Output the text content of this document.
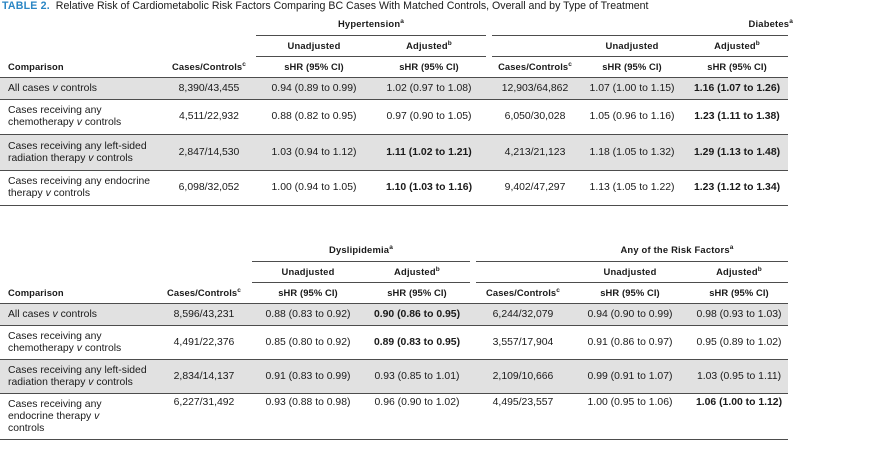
TABLE 2. Relative Risk of Cardiometabolic Risk Factors Comparing BC Cases With Matched Controls, Overall and by Type of Treatment
		Hypertension$^a$			Diabetes$^a$
		Unadjusted	Adjusted$^b$			Unadjusted	Adjusted$^b$
Comparison	Cases/Controls$^c$	sHR (95% CI)	sHR (95% CI)		Cases/Controls$^c$	sHR (95% CI)	sHR (95% CI)
All cases v controls	8,390/43,455	0.94 (0.89 to 0.99)	1.02 (0.97 to 1.08)		12,903/64,862	1.07 (1.00 to 1.15)	1.16 (1.07 to 1.26)
Cases receiving any chemotherapy v controls	4,511/22,932	0.88 (0.82 to 0.95)	0.97 (0.90 to 1.05)		6,050/30,028	1.05 (0.96 to 1.16)	1.23 (1.11 to 1.38)
Cases receiving any left-sided radiation therapy v controls	2,847/14,530	1.03 (0.94 to 1.12)	1.11 (1.02 to 1.21)		4,213/21,123	1.18 (1.05 to 1.32)	1.29 (1.13 to 1.48)
Cases receiving any endocrine therapy v controls	6,098/32,052	1.00 (0.94 to 1.05)	1.10 (1.03 to 1.16)		9,402/47,297	1.13 (1.05 to 1.22)	1.23 (1.12 to 1.34)
		Dyslipidemia$^a$			Any of the Risk Factors$^a$
		Unadjusted	Adjusted$^b$			Unadjusted	Adjusted$^b$
Comparison	Cases/Controls$^c$	sHR (95% CI)	sHR (95% CI)		Cases/Controls$^c$	sHR (95% CI)	sHR (95% CI)
All cases v controls	8,596/43,231	0.88 (0.83 to 0.92)	0.90 (0.86 to 0.95)		6,244/32,079	0.94 (0.90 to 0.99)	0.98 (0.93 to 1.03)
Cases receiving any chemotherapy v controls	4,491/22,376	0.85 (0.80 to 0.92)	0.89 (0.83 to 0.95)		3,557/17,904	0.91 (0.86 to 0.97)	0.95 (0.89 to 1.02)
Cases receiving any left-sided radiation therapy v controls	2,834/14,137	0.91 (0.83 to 0.99)	0.93 (0.85 to 1.01)		2,109/10,666	0.99 (0.91 to 1.07)	1.03 (0.95 to 1.11)
Cases receiving any endocrine therapy v controls	6,227/31,492	0.93 (0.88 to 0.98)	0.96 (0.90 to 1.02)		4,495/23,557	1.00 (0.95 to 1.06)	1.06 (1.00 to 1.12)
